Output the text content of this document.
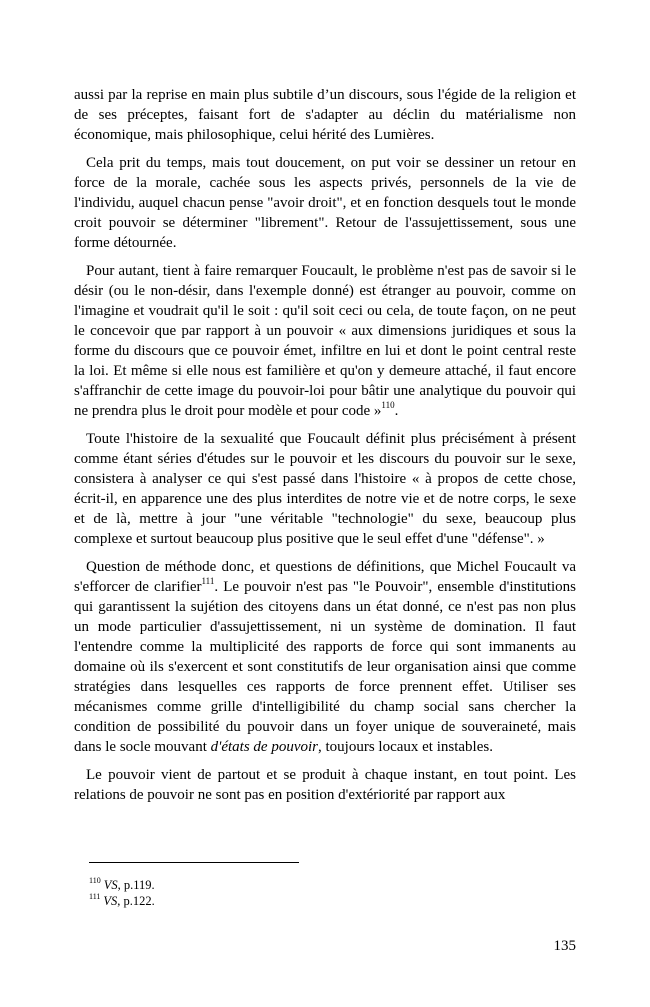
aussi par la reprise en main plus subtile d’un discours, sous l'égide de la religion et de ses préceptes, faisant fort de s'adapter au déclin du matérialisme non économique, mais philosophique, celui hérité des Lumières.

Cela prit du temps, mais tout doucement, on put voir se dessiner un retour en force de la morale, cachée sous les aspects privés, personnels de la vie de l'individu, auquel chacun pense "avoir droit", et en fonction desquels tout le monde croit pouvoir se déterminer "librement". Retour de l'assujettissement, sous une forme détournée.

Pour autant, tient à faire remarquer Foucault, le problème n'est pas de savoir si le désir (ou le non-désir, dans l'exemple donné) est étranger au pouvoir, comme on l'imagine et voudrait qu'il le soit : qu'il soit ceci ou cela, de toute façon, on ne peut le concevoir que par rapport à un pouvoir « aux dimensions juridiques et sous la forme du discours que ce pouvoir émet, infiltre en lui et dont le point central reste la loi. Et même si elle nous est familière et qu'on y demeure attaché, il faut encore s'affranchir de cette image du pouvoir-loi pour bâtir une analytique du pouvoir qui ne prendra plus le droit pour modèle et pour code »$^{110}$.

Toute l'histoire de la sexualité que Foucault définit plus précisément à présent comme étant séries d'études sur le pouvoir et les discours du pouvoir sur le sexe, consistera à analyser ce qui s'est passé dans l'histoire « à propos de cette chose, écrit-il, en apparence une des plus interdites de notre vie et de notre corps, le sexe et de là, mettre à jour "une véritable "technologie" du sexe, beaucoup plus complexe et surtout beaucoup plus positive que le seul effet d'une "défense". »

Question de méthode donc, et questions de définitions, que Michel Foucault va s'efforcer de clarifier$^{111}$. Le pouvoir n'est pas "le Pouvoir", ensemble d'institutions qui garantissent la sujétion des citoyens dans un état donné, ce n'est pas non plus un mode particulier d'assujettissement, ni un système de domination. Il faut l'entendre comme la multiplicité des rapports de force qui sont immanents au domaine où ils s'exercent et sont constitutifs de leur organisation ainsi que comme stratégies dans lesquelles ces rapports de force prennent effet. Utiliser ses mécanismes comme grille d'intelligibilité du champ social sans chercher la condition de possibilité du pouvoir dans un foyer unique de souveraineté, mais dans le socle mouvant d'états de pouvoir, toujours locaux et instables.

Le pouvoir vient de partout et se produit à chaque instant, en tout point. Les relations de pouvoir ne sont pas en position d'extériorité par rapport aux

$^{110}$ VS, p.119.

$^{111}$ VS, p.122.

135
